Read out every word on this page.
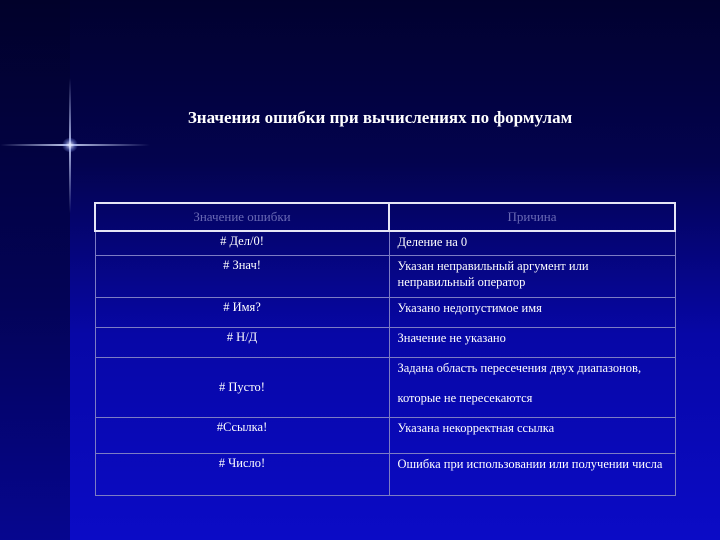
Значения ошибки при вычислениях по формулам
Значение ошибки	Причина
# Дел/0!	Деление на 0
# Знач!	Указан неправильный аргумент или неправильный оператор
# Имя?	Указано недопустимое имя
# Н/Д	Значение не указано
# Пусто!	Задана область пересечения двух диапазонов,
которые не пересекаются

#Ссылка!	Указана некорректная ссылка
# Число!	Ошибка при использовании или получении числа
